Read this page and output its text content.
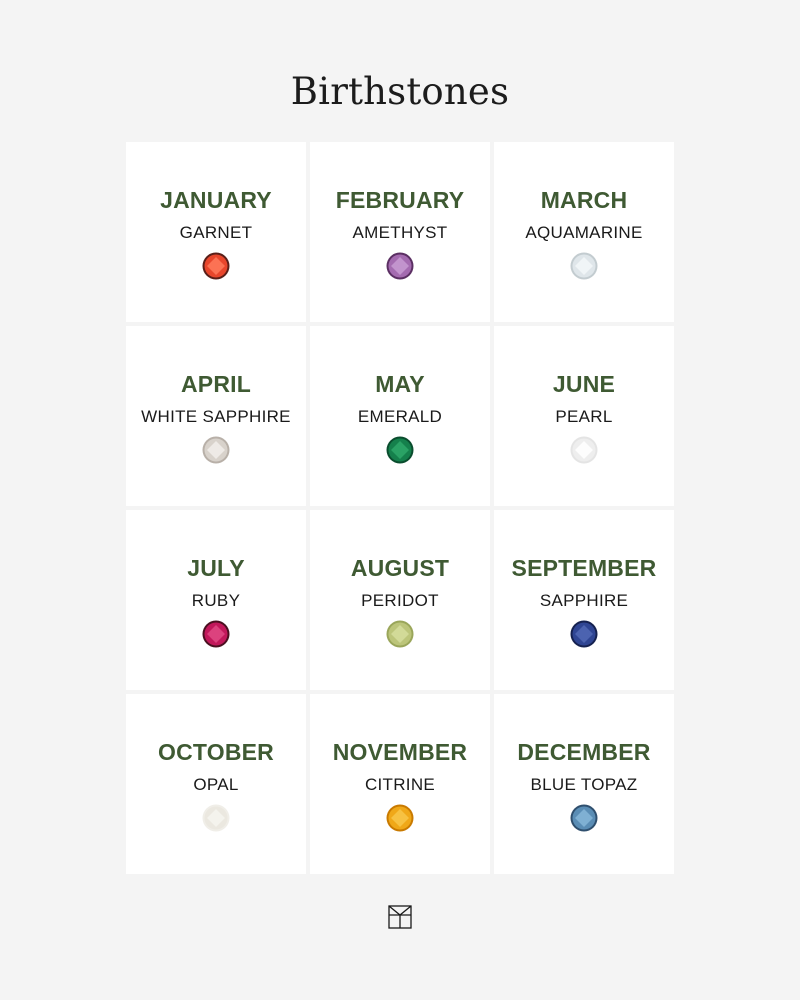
Birthstones
JANUARY
GARNET
FEBRUARY
AMETHYST
MARCH
AQUAMARINE
APRIL
WHITE SAPPHIRE
MAY
EMERALD
JUNE
PEARL
JULY
RUBY
AUGUST
PERIDOT
SEPTEMBER
SAPPHIRE
OCTOBER
OPAL
NOVEMBER
CITRINE
DECEMBER
BLUE TOPAZ
